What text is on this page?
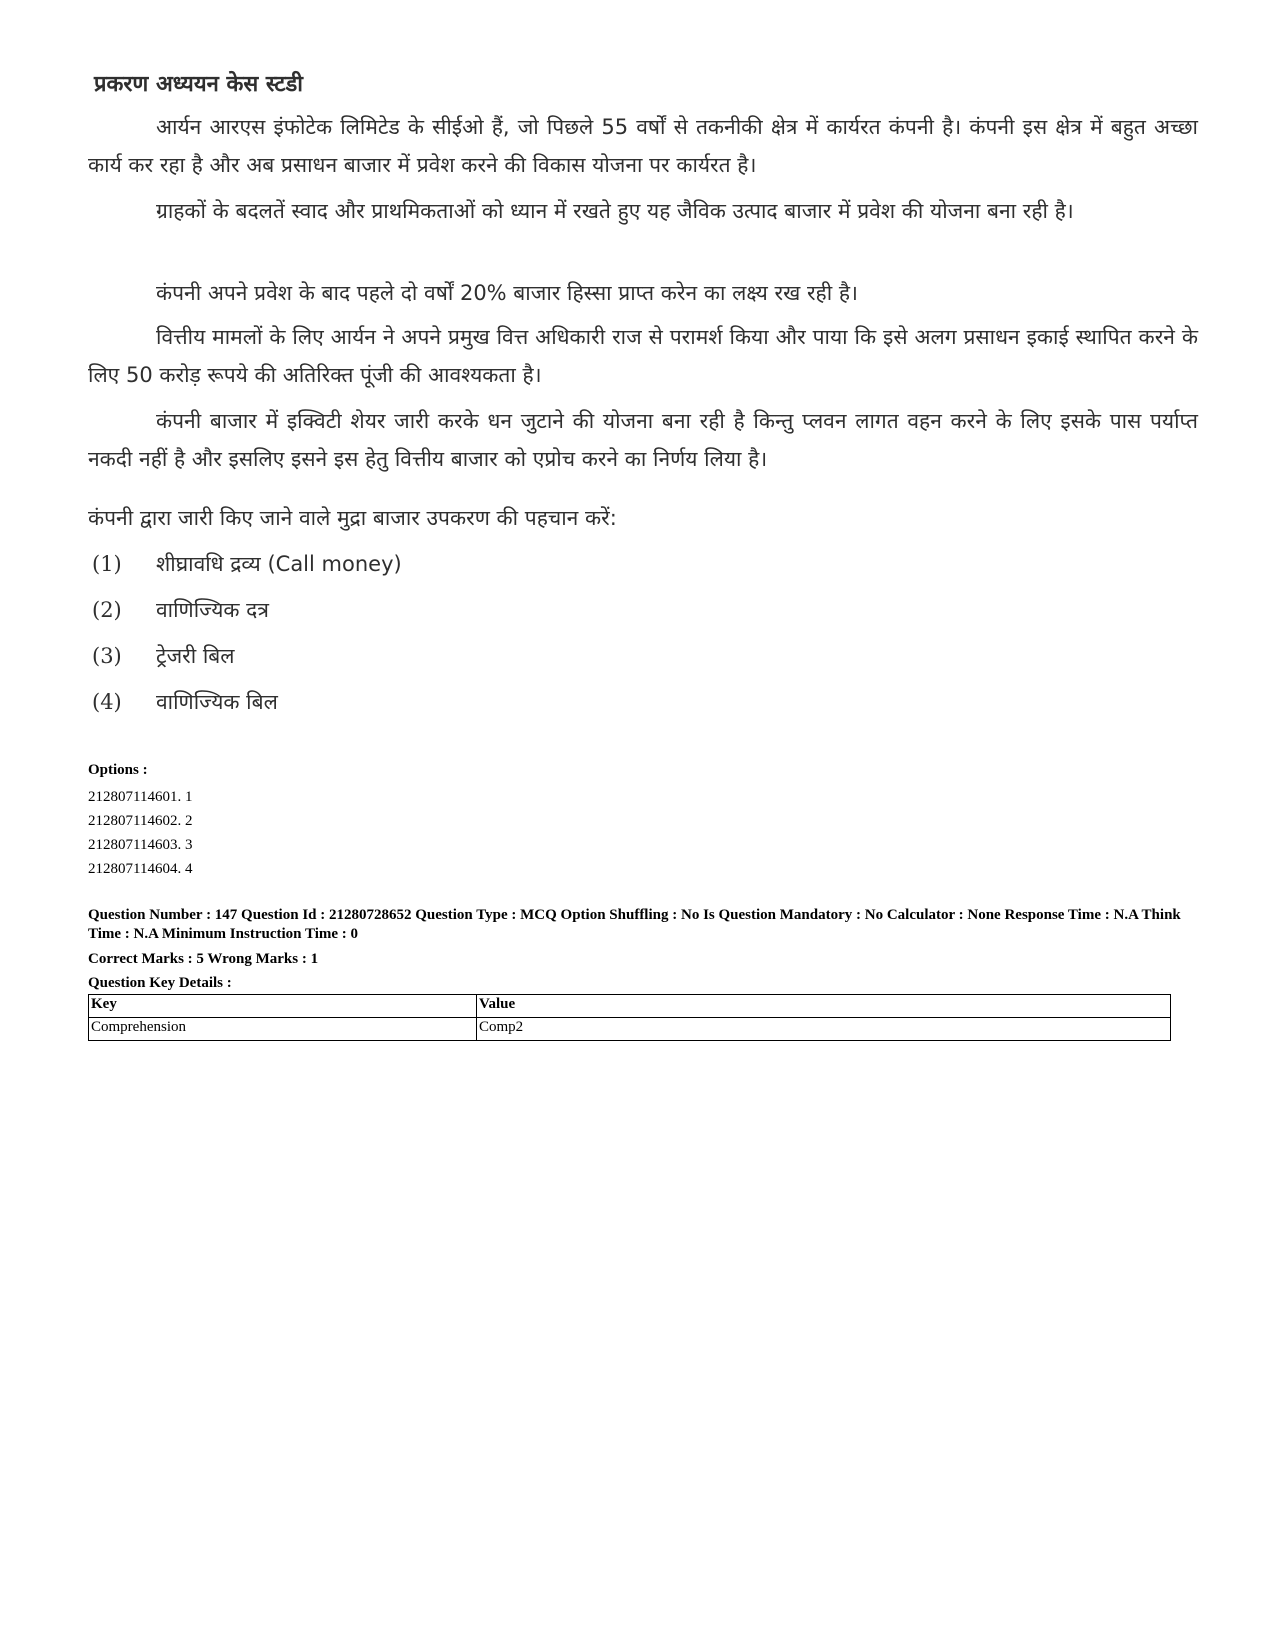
प्रकरण अध्ययन केस स्टडी
आर्यन आरएस इंफोटेक लिमिटेड के सीईओ हैं, जो पिछले 55 वर्षों से तकनीकी क्षेत्र में कार्यरत कंपनी है। कंपनी इस क्षेत्र में बहुत अच्छा कार्य कर रहा है और अब प्रसाधन बाजार में प्रवेश करने की विकास योजना पर कार्यरत है।
ग्राहकों के बदलतें स्वाद और प्राथमिकताओं को ध्यान में रखते हुए यह जैविक उत्पाद बाजार में प्रवेश की योजना बना रही है।
कंपनी अपने प्रवेश के बाद पहले दो वर्षों 20% बाजार हिस्सा प्राप्त करेन का लक्ष्य रख रही है।
वित्तीय मामलों के लिए आर्यन ने अपने प्रमुख वित्त अधिकारी राज से परामर्श किया और पाया कि इसे अलग प्रसाधन इकाई स्थापित करने के लिए 50 करोड़ रूपये की अतिरिक्त पूंजी की आवश्यकता है।
कंपनी बाजार में इक्विटी शेयर जारी करके धन जुटाने की योजना बना रही है किन्तु प्लवन लागत वहन करने के लिए इसके पास पर्याप्त नकदी नहीं है और इसलिए इसने इस हेतु वित्तीय बाजार को एप्रोच करने का निर्णय लिया है।
कंपनी द्वारा जारी किए जाने वाले मुद्रा बाजार उपकरण की पहचान करें:
(1) शीघ्रावधि द्रव्य (Call money)
(2) वाणिज्यिक दत्र
(3) ट्रेजरी बिल
(4) वाणिज्यिक बिल
Options :
212807114601. 1
212807114602. 2
212807114603. 3
212807114604. 4
Question Number : 147 Question Id : 21280728652 Question Type : MCQ Option Shuffling : No Is Question Mandatory : No Calculator : None Response Time : N.A Think Time : N.A Minimum Instruction Time : 0
Correct Marks : 5 Wrong Marks : 1
Question Key Details :
Key	Value
Comprehension	Comp2
